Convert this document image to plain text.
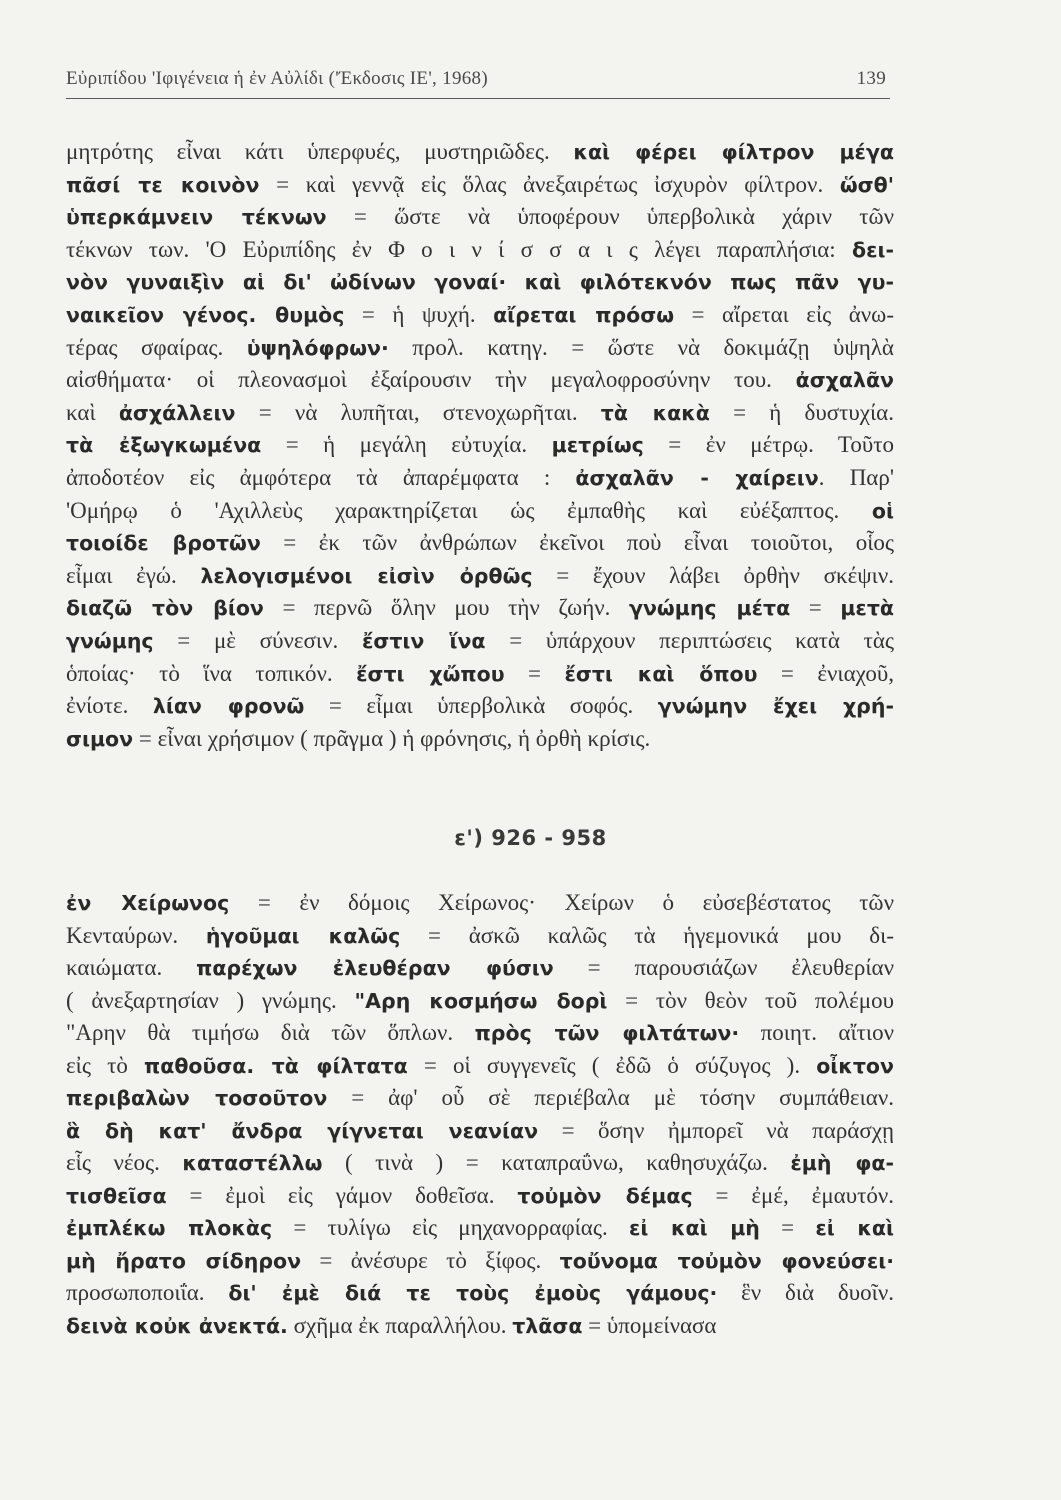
Εὐριπίδου 'Ιφιγένεια ἡ ἐν Αὐλίδι ('Έκδοσις ΙΕ', 1968)	139
μητρότης εἶναι κάτι ὑπερφυές, μυστηριῶδες. καὶ φέρει φίλτρον μέγα
πᾶσί τε κοινὸν = καὶ γεννᾷ εἰς ὅλας ἀνεξαιρέτως ἰσχυρὸν φίλτρον. ὥσθ'
ὑπερκάμνειν τέκνων = ὥστε νὰ ὑποφέρουν ὑπερβολικὰ χάριν τῶν
τέκνων των. 'Ο Εὐριπίδης ἐν Φ ο ι ν ί σ σ α ι ς λέγει παραπλήσια: δει-
νὸν γυναιξὶν αἱ δι' ὠδίνων γοναί· καὶ φιλότεκνόν πως πᾶν γυ-
ναικεῖον γένος. θυμὸς = ἡ ψυχή. αἴρεται πρόσω = αἴρεται εἰς ἀνω-
τέρας σφαίρας. ὑψηλόφρων· προλ. κατηγ. = ὥστε νὰ δοκιμάζῃ ὑψηλὰ
αἰσθήματα· οἱ πλεονασμοὶ ἐξαίρουσιν τὴν μεγαλοφροσύνην του. ἀσχαλᾶν
καὶ ἀσχάλλειν = νὰ λυπῆται, στενοχωρῆται. τὰ κακὰ = ἡ δυστυχία.
τὰ ἐξωγκωμένα = ἡ μεγάλη εὐτυχία. μετρίως = ἐν μέτρῳ. Τοῦτο
ἀποδοτέον εἰς ἀμφότερα τὰ ἀπαρέμφατα : ἀσχαλᾶν - χαίρειν. Παρ'
'Ομήρῳ ὁ 'Αχιλλεὺς χαρακτηρίζεται ὡς ἐμπαθὴς καὶ εὐέξαπτος. οἱ
τοιοίδε βροτῶν = ἐκ τῶν ἀνθρώπων ἐκεῖνοι ποὺ εἶναι τοιοῦτοι, οἷος
εἶμαι ἐγώ. λελογισμένοι εἰσὶν ὀρθῶς = ἔχουν λάβει ὀρθὴν σκέψιν.
διαζῶ τὸν βίον = περνῶ ὅλην μου τὴν ζωήν. γνώμης μέτα = μετὰ
γνώμης = μὲ σύνεσιν. ἔστιν ἵνα = ὑπάρχουν περιπτώσεις κατὰ τὰς
ὁποίας· τὸ ἵνα τοπικόν. ἔστι χὤπου = ἔστι καὶ ὅπου = ἐνιαχοῦ,
ἐνίοτε. λίαν φρονῶ = εἶμαι ὑπερβολικὰ σοφός. γνώμην ἔχει χρή-
σιμον = εἶναι χρήσιμον ( πρᾶγμα ) ἡ φρόνησις, ἡ ὀρθὴ κρίσις.
ε') 926 - 958
ἐν Χείρωνος = ἐν δόμοις Χείρωνος· Χείρων ὁ εὐσεβέστατος τῶν
Κενταύρων. ἡγοῦμαι καλῶς = ἀσκῶ καλῶς τὰ ἡγεμονικά μου δι-
καιώματα. παρέχων ἐλευθέραν φύσιν = παρουσιάζων ἐλευθερίαν
( ἀνεξαρτησίαν ) γνώμης. "Αρη κοσμήσω δορὶ = τὸν θεὸν τοῦ πολέμου
"Αρην θὰ τιμήσω διὰ τῶν ὅπλων. πρὸς τῶν φιλτάτων· ποιητ. αἴτιον
εἰς τὸ παθοῦσα. τὰ φίλτατα = οἱ συγγενεῖς ( ἐδῶ ὁ σύζυγος ). οἶκτον
περιβαλὼν τοσοῦτον = ἀφ' οὗ σὲ περιέβαλα μὲ τόσην συμπάθειαν.
ἃ δὴ κατ' ἄνδρα γίγνεται νεανίαν = ὅσην ἠμπορεῖ νὰ παράσχῃ
εἷς νέος. καταστέλλω ( τινὰ ) = καταπραΰνω, καθησυχάζω. ἐμὴ φα-
τισθεῖσα = ἐμοὶ εἰς γάμον δοθεῖσα. τοὐμὸν δέμας = ἐμέ, ἐμαυτόν.
ἐμπλέκω πλοκὰς = τυλίγω εἰς μηχανορραφίας. εἰ καὶ μὴ = εἰ καὶ
μὴ ἤρατο σίδηρον = ἀνέσυρε τὸ ξίφος. τοὔνομα τοὐμὸν φονεύσει·
προσωποποιΐα. δι' ἐμὲ διά τε τοὺς ἐμοὺς γάμους· ἓν διὰ δυοῖν.
δεινὰ κοὐκ ἀνεκτά. σχῆμα ἐκ παραλλήλου. τλᾶσα = ὑπομείνασα
